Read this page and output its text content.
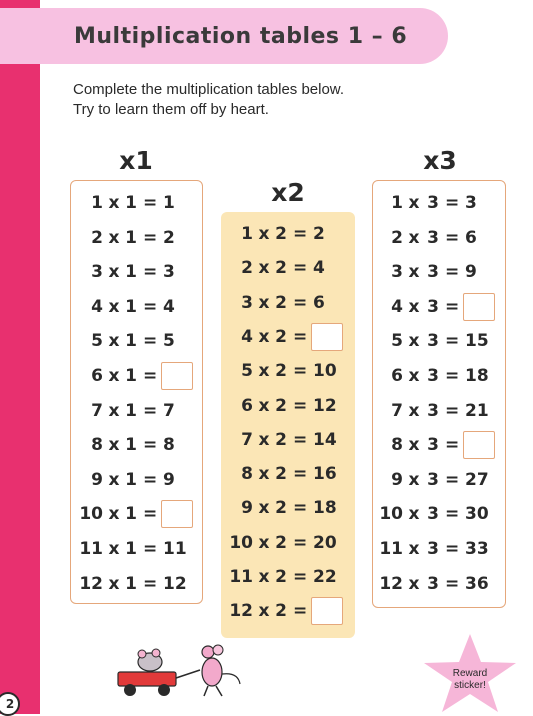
Multiplication tables 1 – 6
Complete the multiplication tables below.
Try to learn them off by heart.
x1
x2
x3
1 x 1 = 1
2 x 1 = 2
3 x 1 = 3
4 x 1 = 4
5 x 1 = 5
6 x 1 =
7 x 1 = 7
8 x 1 = 8
9 x 1 = 9
10 x 1 =
11 x 1 = 11
12 x 1 = 12
1 x 2 = 2
2 x 2 = 4
3 x 2 = 6
4 x 2 =
5 x 2 = 10
6 x 2 = 12
7 x 2 = 14
8 x 2 = 16
9 x 2 = 18
10 x 2 = 20
11 x 2 = 22
12 x 2 =
1 x 3 = 3
2 x 3 = 6
3 x 3 = 9
4 x 3 =
5 x 3 = 15
6 x 3 = 18
7 x 3 = 21
8 x 3 =
9 x 3 = 27
10 x 3 = 30
11 x 3 = 33
12 x 3 = 36
Reward
sticker!
2
